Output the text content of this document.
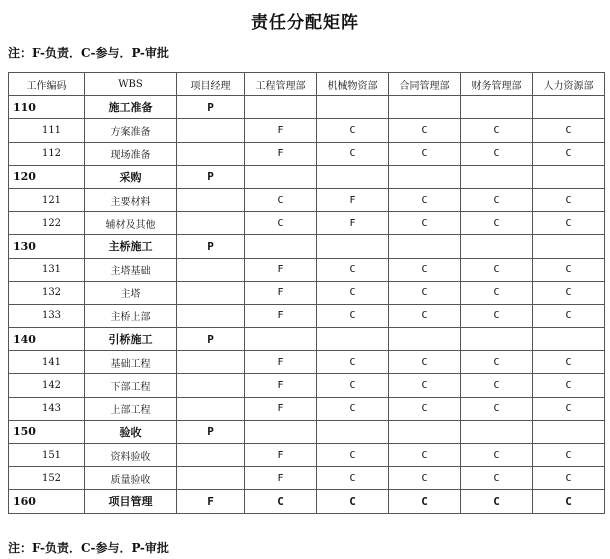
责任分配矩阵
注：F-负责．C-参与．P-审批
工作编码	WBS	项目经理	工程管理部	机械物资部	合同管理部	财务管理部	人力资源部
110	施工准备	P					
111	方案准备		F	C	C	C	C
112	现场准备		F	C	C	C	C
120	采购	P					
121	主要材料		C	F	C	C	C
122	辅材及其他		C	F	C	C	C
130	主桥施工	P					
131	主塔基础		F	C	C	C	C
132	主塔		F	C	C	C	C
133	主桥上部		F	C	C	C	C
140	引桥施工	P					
141	基础工程		F	C	C	C	C
142	下部工程		F	C	C	C	C
143	上部工程		F	C	C	C	C
150	验收	P					
151	资料验收		F	C	C	C	C
152	质量验收		F	C	C	C	C
160	项目管理	F	C	C	C	C	C
注：F-负责．C-参与．P-审批
